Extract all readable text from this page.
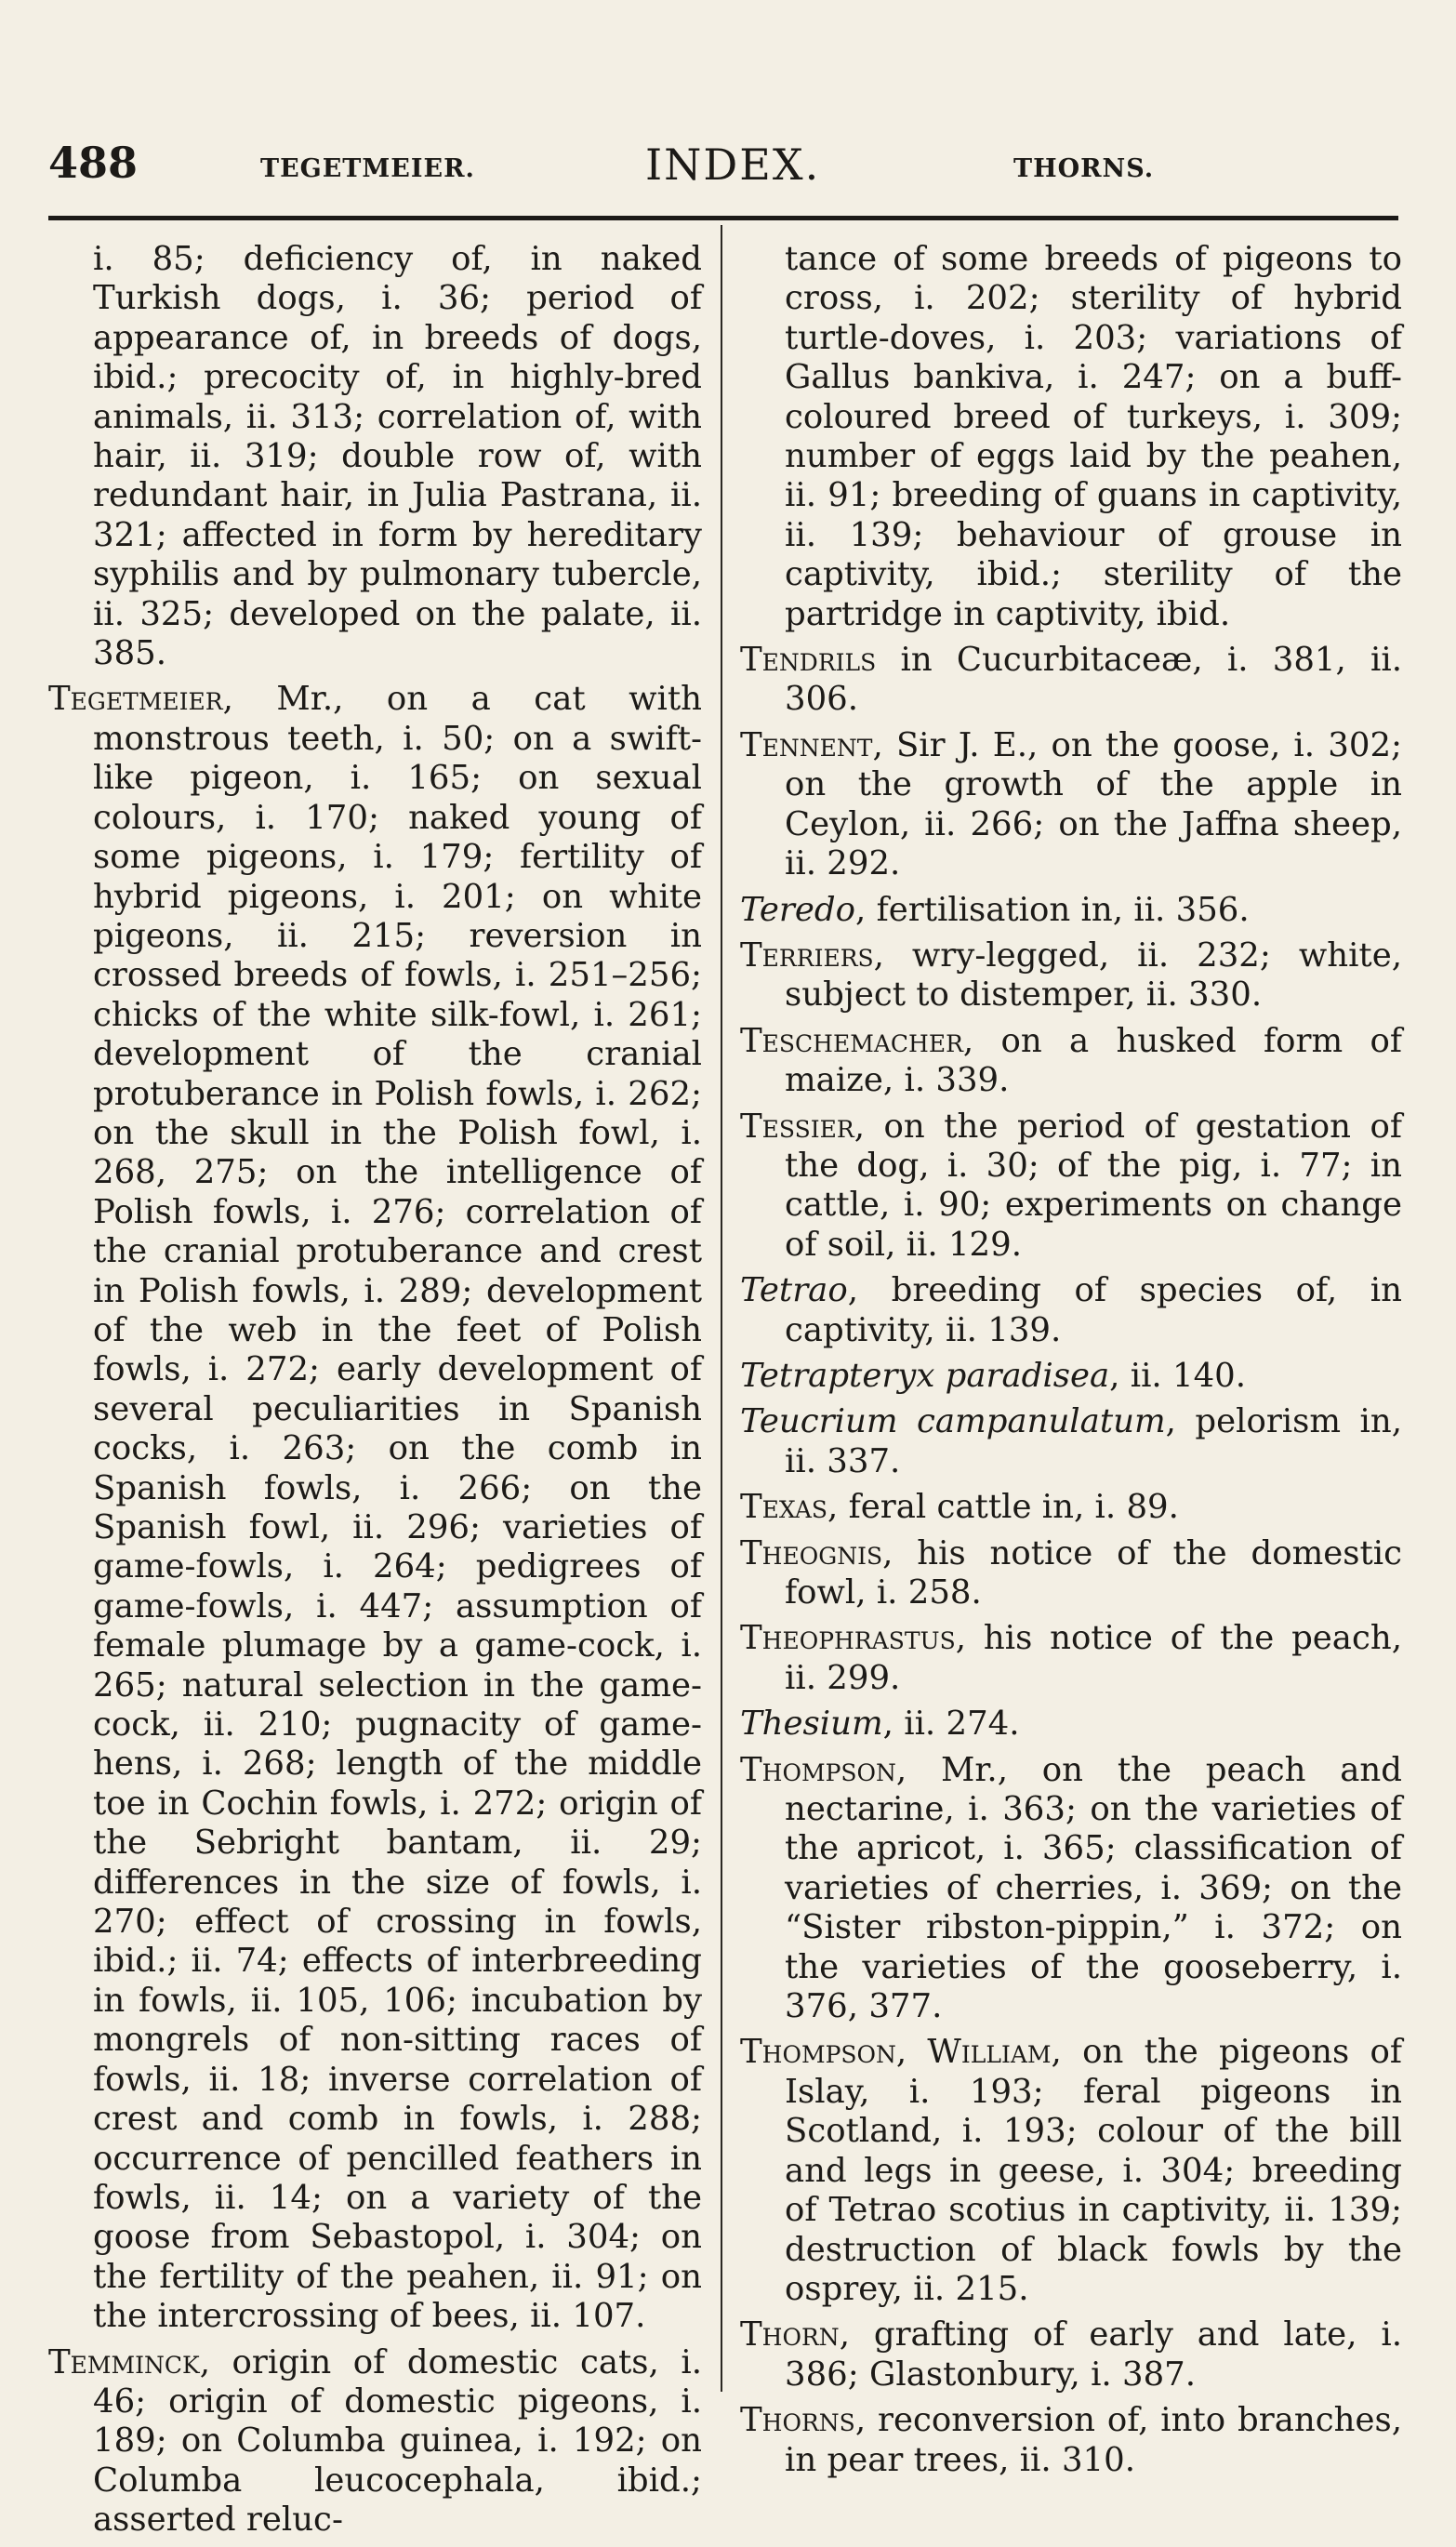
488	TEGETMEIER.	INDEX.	THORNS.

i. 85; deficiency of, in naked Turkish dogs, i. 36; period of appearance of, in breeds of dogs, ibid.; precocity of, in highly-bred animals, ii. 313; correlation of, with hair, ii. 319; double row of, with redundant hair, in Julia Pastrana, ii. 321; affected in form by hereditary syphilis and by pulmonary tubercle, ii. 325; developed on the palate, ii. 385.

Tegetmeier, Mr., on a cat with monstrous teeth, i. 50; on a swift-like pigeon, i. 165; on sexual colours, i. 170; naked young of some pigeons, i. 179; fertility of hybrid pigeons, i. 201; on white pigeons, ii. 215; reversion in crossed breeds of fowls, i. 251–256; chicks of the white silk-fowl, i. 261; development of the cranial protuberance in Polish fowls, i. 262; on the skull in the Polish fowl, i. 268, 275; on the intelligence of Polish fowls, i. 276; correlation of the cranial protuberance and crest in Polish fowls, i. 289; development of the web in the feet of Polish fowls, i. 272; early development of several peculiarities in Spanish cocks, i. 263; on the comb in Spanish fowls, i. 266; on the Spanish fowl, ii. 296; varieties of game-fowls, i. 264; pedigrees of game-fowls, i. 447; assumption of female plumage by a game-cock, i. 265; natural selection in the game-cock, ii. 210; pugnacity of game-hens, i. 268; length of the middle toe in Cochin fowls, i. 272; origin of the Sebright bantam, ii. 29; differences in the size of fowls, i. 270; effect of crossing in fowls, ibid.; ii. 74; effects of interbreeding in fowls, ii. 105, 106; incubation by mongrels of non-sitting races of fowls, ii. 18; inverse correlation of crest and comb in fowls, i. 288; occurrence of pencilled feathers in fowls, ii. 14; on a variety of the goose from Sebastopol, i. 304; on the fertility of the peahen, ii. 91; on the intercrossing of bees, ii. 107.

Temminck, origin of domestic cats, i. 46; origin of domestic pigeons, i. 189; on Columba guinea, i. 192; on Columba leucocephala, ibid.; asserted reluc-

tance of some breeds of pigeons to cross, i. 202; sterility of hybrid turtle-doves, i. 203; variations of Gallus bankiva, i. 247; on a buff-coloured breed of turkeys, i. 309; number of eggs laid by the peahen, ii. 91; breeding of guans in captivity, ii. 139; behaviour of grouse in captivity, ibid.; sterility of the partridge in captivity, ibid.

Tendrils in Cucurbitaceæ, i. 381, ii. 306.

Tennent, Sir J. E., on the goose, i. 302; on the growth of the apple in Ceylon, ii. 266; on the Jaffna sheep, ii. 292.

Teredo, fertilisation in, ii. 356.

Terriers, wry-legged, ii. 232; white, subject to distemper, ii. 330.

Teschemacher, on a husked form of maize, i. 339.

Tessier, on the period of gestation of the dog, i. 30; of the pig, i. 77; in cattle, i. 90; experiments on change of soil, ii. 129.

Tetrao, breeding of species of, in captivity, ii. 139.

Tetrapteryx paradisea, ii. 140.

Teucrium campanulatum, pelorism in, ii. 337.

Texas, feral cattle in, i. 89.

Theognis, his notice of the domestic fowl, i. 258.

Theophrastus, his notice of the peach, ii. 299.

Thesium, ii. 274.

Thompson, Mr., on the peach and nectarine, i. 363; on the varieties of the apricot, i. 365; classification of varieties of cherries, i. 369; on the “Sister ribston-pippin,” i. 372; on the varieties of the gooseberry, i. 376, 377.

Thompson, William, on the pigeons of Islay, i. 193; feral pigeons in Scotland, i. 193; colour of the bill and legs in geese, i. 304; breeding of Tetrao scotius in captivity, ii. 139; destruction of black fowls by the osprey, ii. 215.

Thorn, grafting of early and late, i. 386; Glastonbury, i. 387.

Thorns, reconversion of, into branches, in pear trees, ii. 310.
